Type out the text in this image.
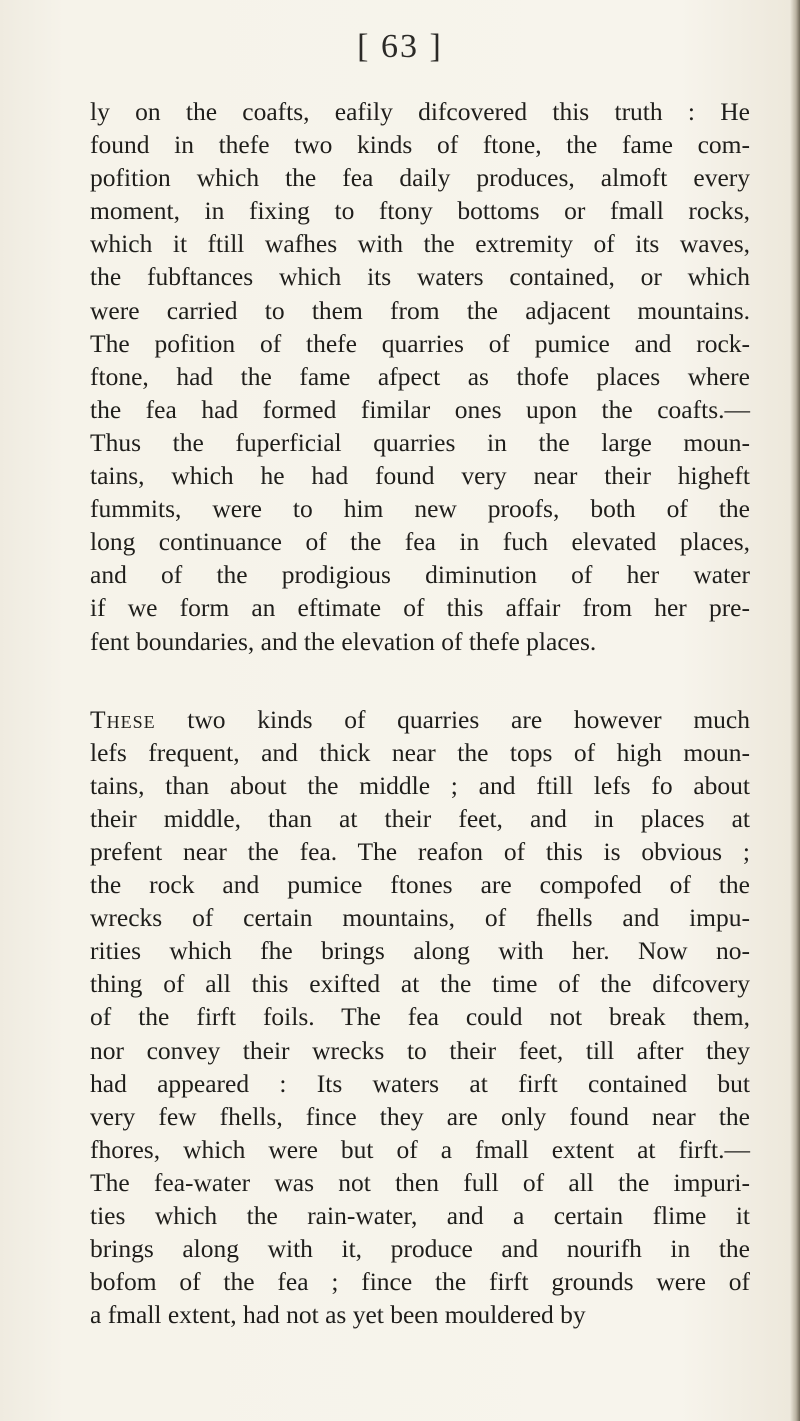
[ 63 ]
ly on the coafts, eafily difcovered this truth : He
found in thefe two kinds of ftone, the fame com-
pofition which the fea daily produces, almoft every
moment, in fixing to ftony bottoms or fmall rocks,
which it ftill wafhes with the extremity of its waves,
the fubftances which its waters contained, or which
were carried to them from the adjacent mountains.
The pofition of thefe quarries of pumice and rock-
ftone, had the fame afpect as thofe places where
the fea had formed fimilar ones upon the coafts.—
Thus the fuperficial quarries in the large moun-
tains, which he had found very near their higheft
fummits, were to him new proofs, both of the
long continuance of the fea in fuch elevated places,
and of the prodigious diminution of her water
if we form an eftimate of this affair from her pre-
fent boundaries, and the elevation of thefe places.
These two kinds of quarries are however much
lefs frequent, and thick near the tops of high moun-
tains, than about the middle ; and ftill lefs fo about
their middle, than at their feet, and in places at
prefent near the fea. The reafon of this is obvious ;
the rock and pumice ftones are compofed of the
wrecks of certain mountains, of fhells and impu-
rities which fhe brings along with her. Now no-
thing of all this exifted at the time of the difcovery
of the firft foils. The fea could not break them,
nor convey their wrecks to their feet, till after they
had appeared : Its waters at firft contained but
very few fhells, fince they are only found near the
fhores, which were but of a fmall extent at firft.—
The fea-water was not then full of all the impuri-
ties which the rain-water, and a certain flime it
brings along with it, produce and nourifh in the
bofom of the fea ; fince the firft grounds were of
a fmall extent, had not as yet been mouldered by
